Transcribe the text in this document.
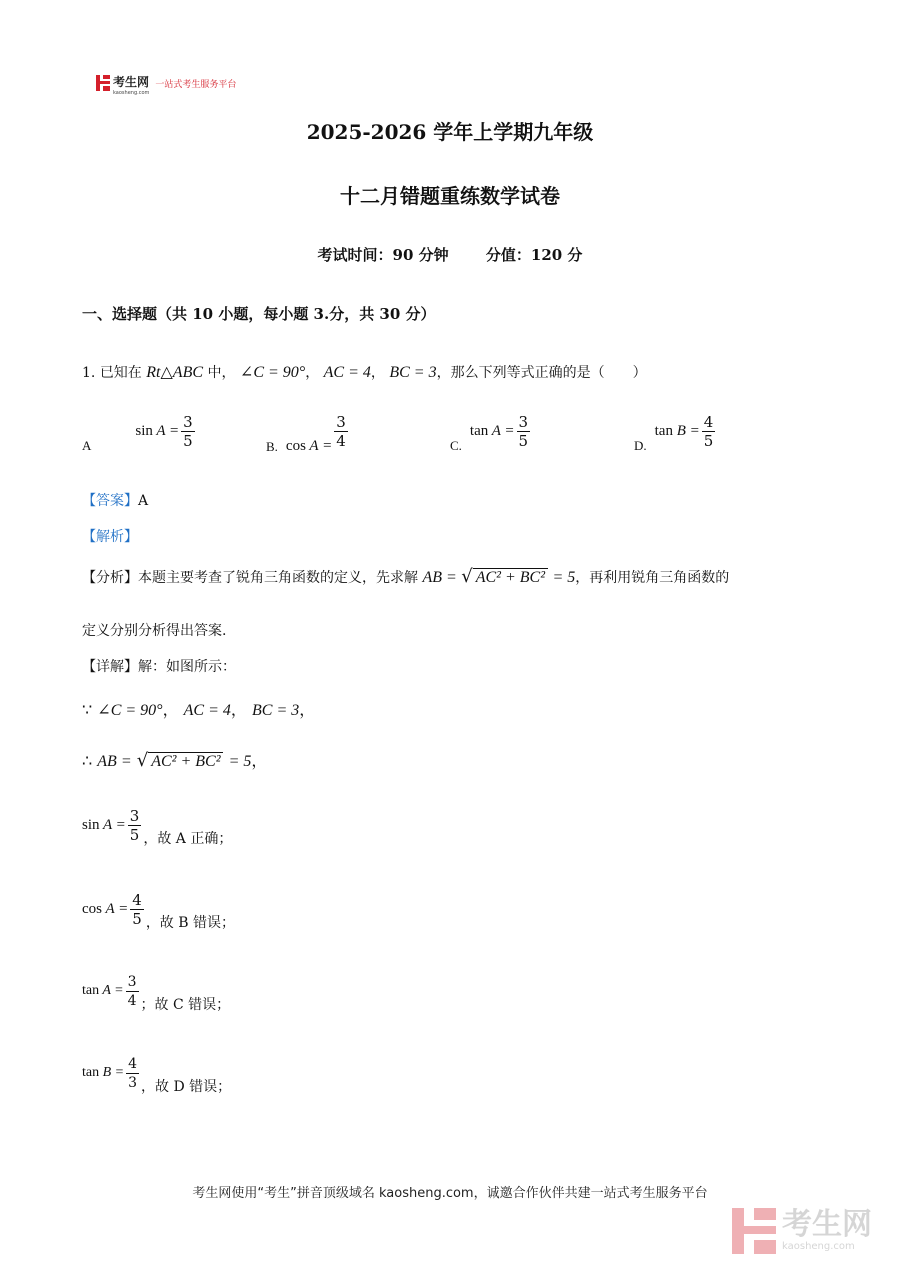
考生网
kaosheng.com
一站式考生服务平台
2025-2026 学年上学期九年级
十二月错题重练数学试卷
考试时间：90 分钟 分值：120 分
一、选择题（共 10 小题，每小题 3.分，共 30 分）
1. 已知在 Rt△ABC 中， ∠C = 90°， AC = 4， BC = 3，那么下列等式正确的是（　　）
A
$\sin A = \frac{3}{5}$	B. $\cos A = \frac{3}{4}$	C.
$\tan A = \frac{3}{5}$	D.
$\tan B = \frac{4}{5}$
【答案】A
【解析】
【分析】本题主要考查了锐角三角函数的定义，先求解 AB = √ AC² + BC² = 5，再利用锐角三角函数的
定义分别分析得出答案.
【详解】解：如图所示：
∵ ∠C = 90°， AC = 4， BC = 3，
∴ AB = √ AC² + BC² = 5，
$\sin A = \frac{3}{5}$ ，故 A 正确；
$\cos A = \frac{4}{5}$ ，故 B 错误；
$\tan A = \frac{3}{4}$ ；故 C 错误；
$\tan B = \frac{4}{3}$ ，故 D 错误；
考生网使用“考生”拼音顶级域名 kaosheng.com，诚邀合作伙伴共建一站式考生服务平台
考生网
kaosheng.com
